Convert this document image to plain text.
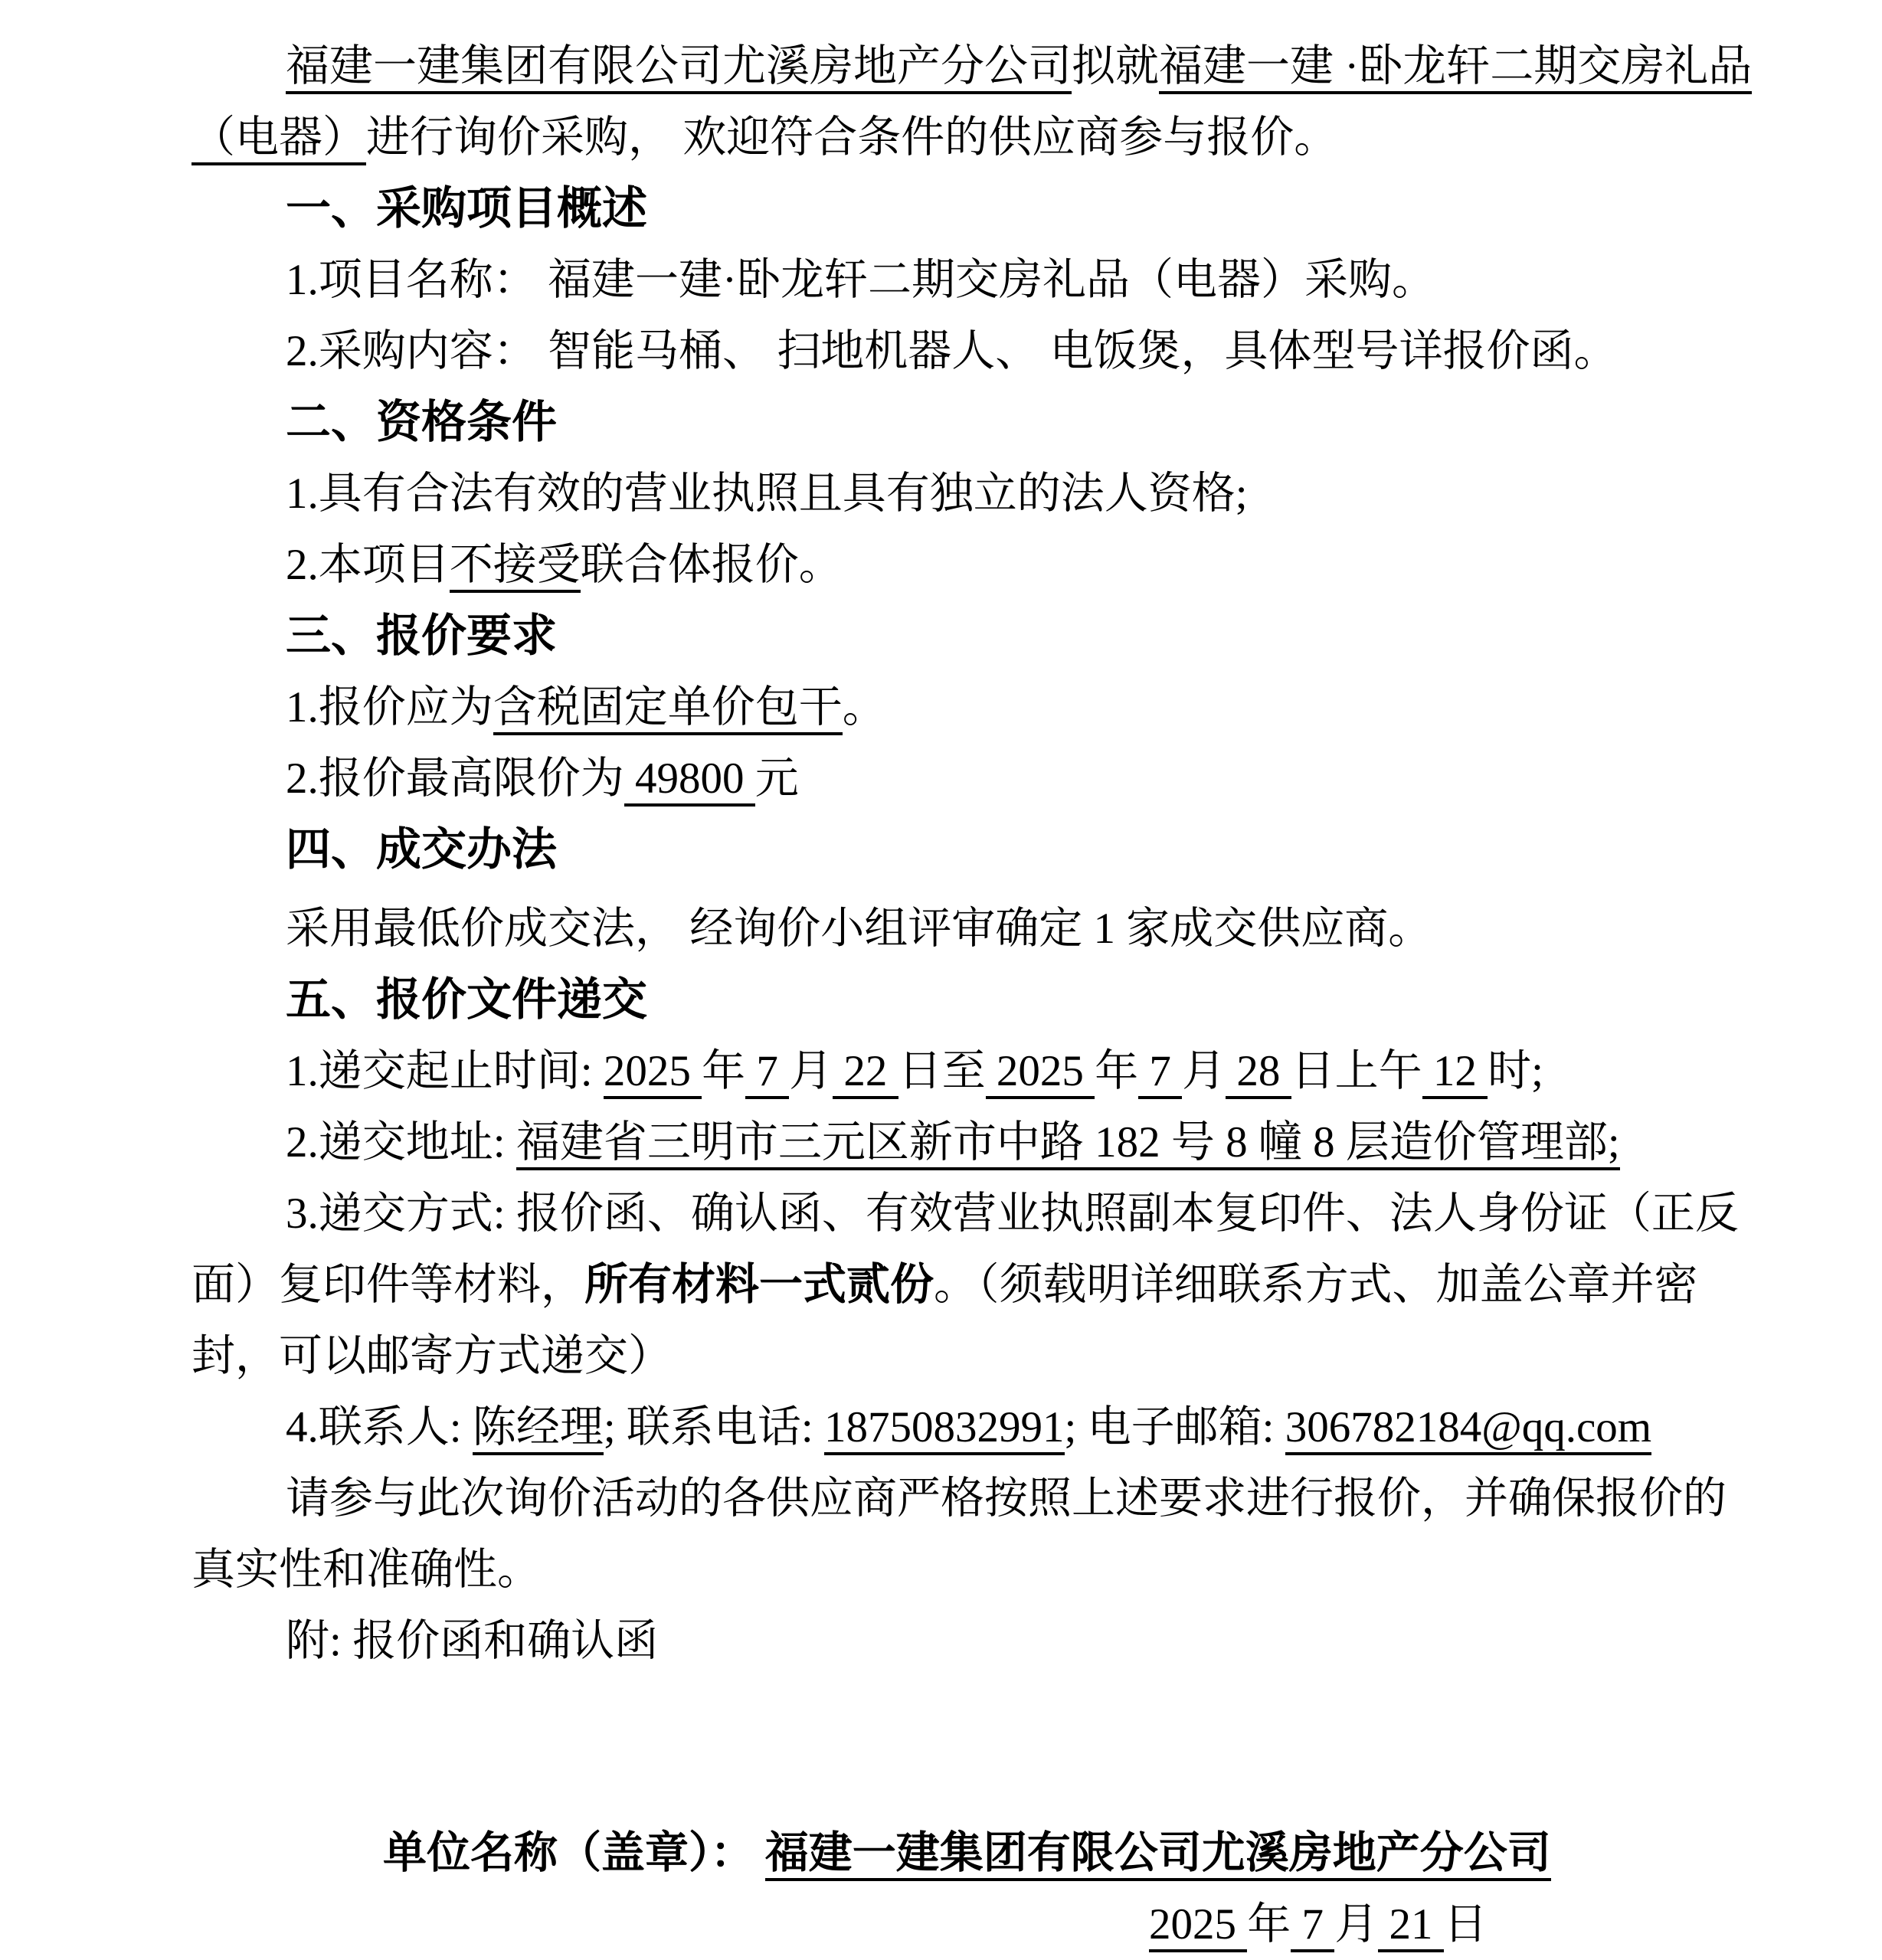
福建一建集团有限公司尤溪房地产分公司拟就福建一建 ·卧龙轩二期交房礼品（电器）进行询价采购， 欢迎符合条件的供应商参与报价。

一、采购项目概述

1.项目名称： 福建一建·卧龙轩二期交房礼品（电器）采购。

2.采购内容： 智能马桶、 扫地机器人、 电饭煲，具体型号详报价函。

二、资格条件

1.具有合法有效的营业执照且具有独立的法人资格;

2.本项目不接受联合体报价。

三、报价要求

1.报价应为含税固定单价包干。

2.报价最高限价为 49800 元

四、成交办法

采用最低价成交法， 经询价小组评审确定 1 家成交供应商。

五、报价文件递交

1.递交起止时间: 2025 年 7 月 22 日至 2025 年 7 月 28 日上午 12 时;

2.递交地址: 福建省三明市三元区新市中路 182 号 8 幢 8 层造价管理部;

3.递交方式: 报价函、确认函、有效营业执照副本复印件、法人身份证（正反面）复印件等材料，所有材料一式贰份。（须载明详细联系方式、加盖公章并密封，可以邮寄方式递交）

4.联系人: 陈经理; 联系电话: 18750832991; 电子邮箱: 306782184@qq.com

请参与此次询价活动的各供应商严格按照上述要求进行报价，并确保报价的真实性和准确性。

附: 报价函和确认函

单位名称（盖章）： 福建一建集团有限公司尤溪房地产分公司

2025 年 7 月 21 日
